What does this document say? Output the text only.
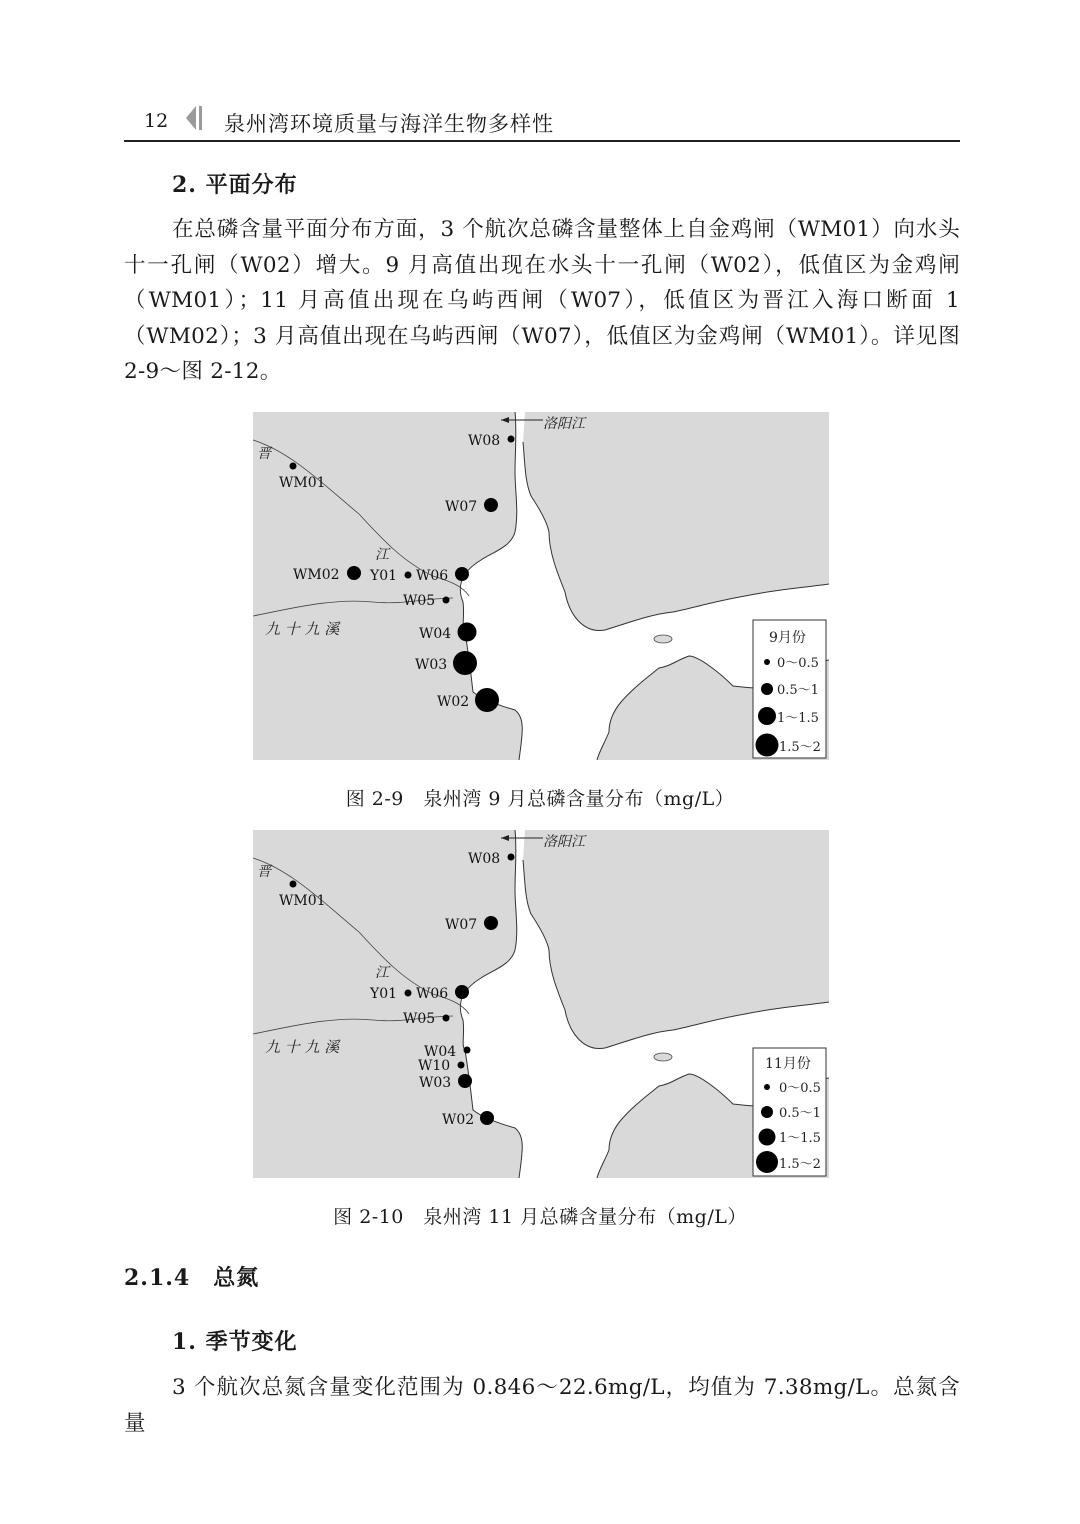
12	泉州湾环境质量与海洋生物多样性
2. 平面分布

在总磷含量平面分布方面，3 个航次总磷含量整体上自金鸡闸（WM01）向水头十一孔闸（W02）增大。9 月高值出现在水头十一孔闸（W02），低值区为金鸡闸（WM01）；11 月高值出现在乌屿西闸（W07），低值区为晋江入海口断面 1（WM02）；3 月高值出现在乌屿西闸（W07），低值区为金鸡闸（WM01）。详见图 2-9～图 2-12。

洛阳江
晋
江
九 十 九 溪	9月份
0～0.5
0.5～1
1～1.5
1.5～2
W08
WM01
W07
WM02 Y01 W06
W05
W04
W03
W02
图 2-9　泉州湾 9 月总磷含量分布（mg/L）
洛阳江
晋
江
九 十 九 溪
11月份
0～0.5
0.5～1
1～1.5
1.5～2
W08
WM01
W07
Y01 W06
W05
W04
W10
W03
W02
图 2-10　泉州湾 11 月总磷含量分布（mg/L）
2.1.4　总氮
1. 季节变化

3 个航次总氮含量变化范围为 0.846～22.6mg/L，均值为 7.38mg/L。总氮含量
